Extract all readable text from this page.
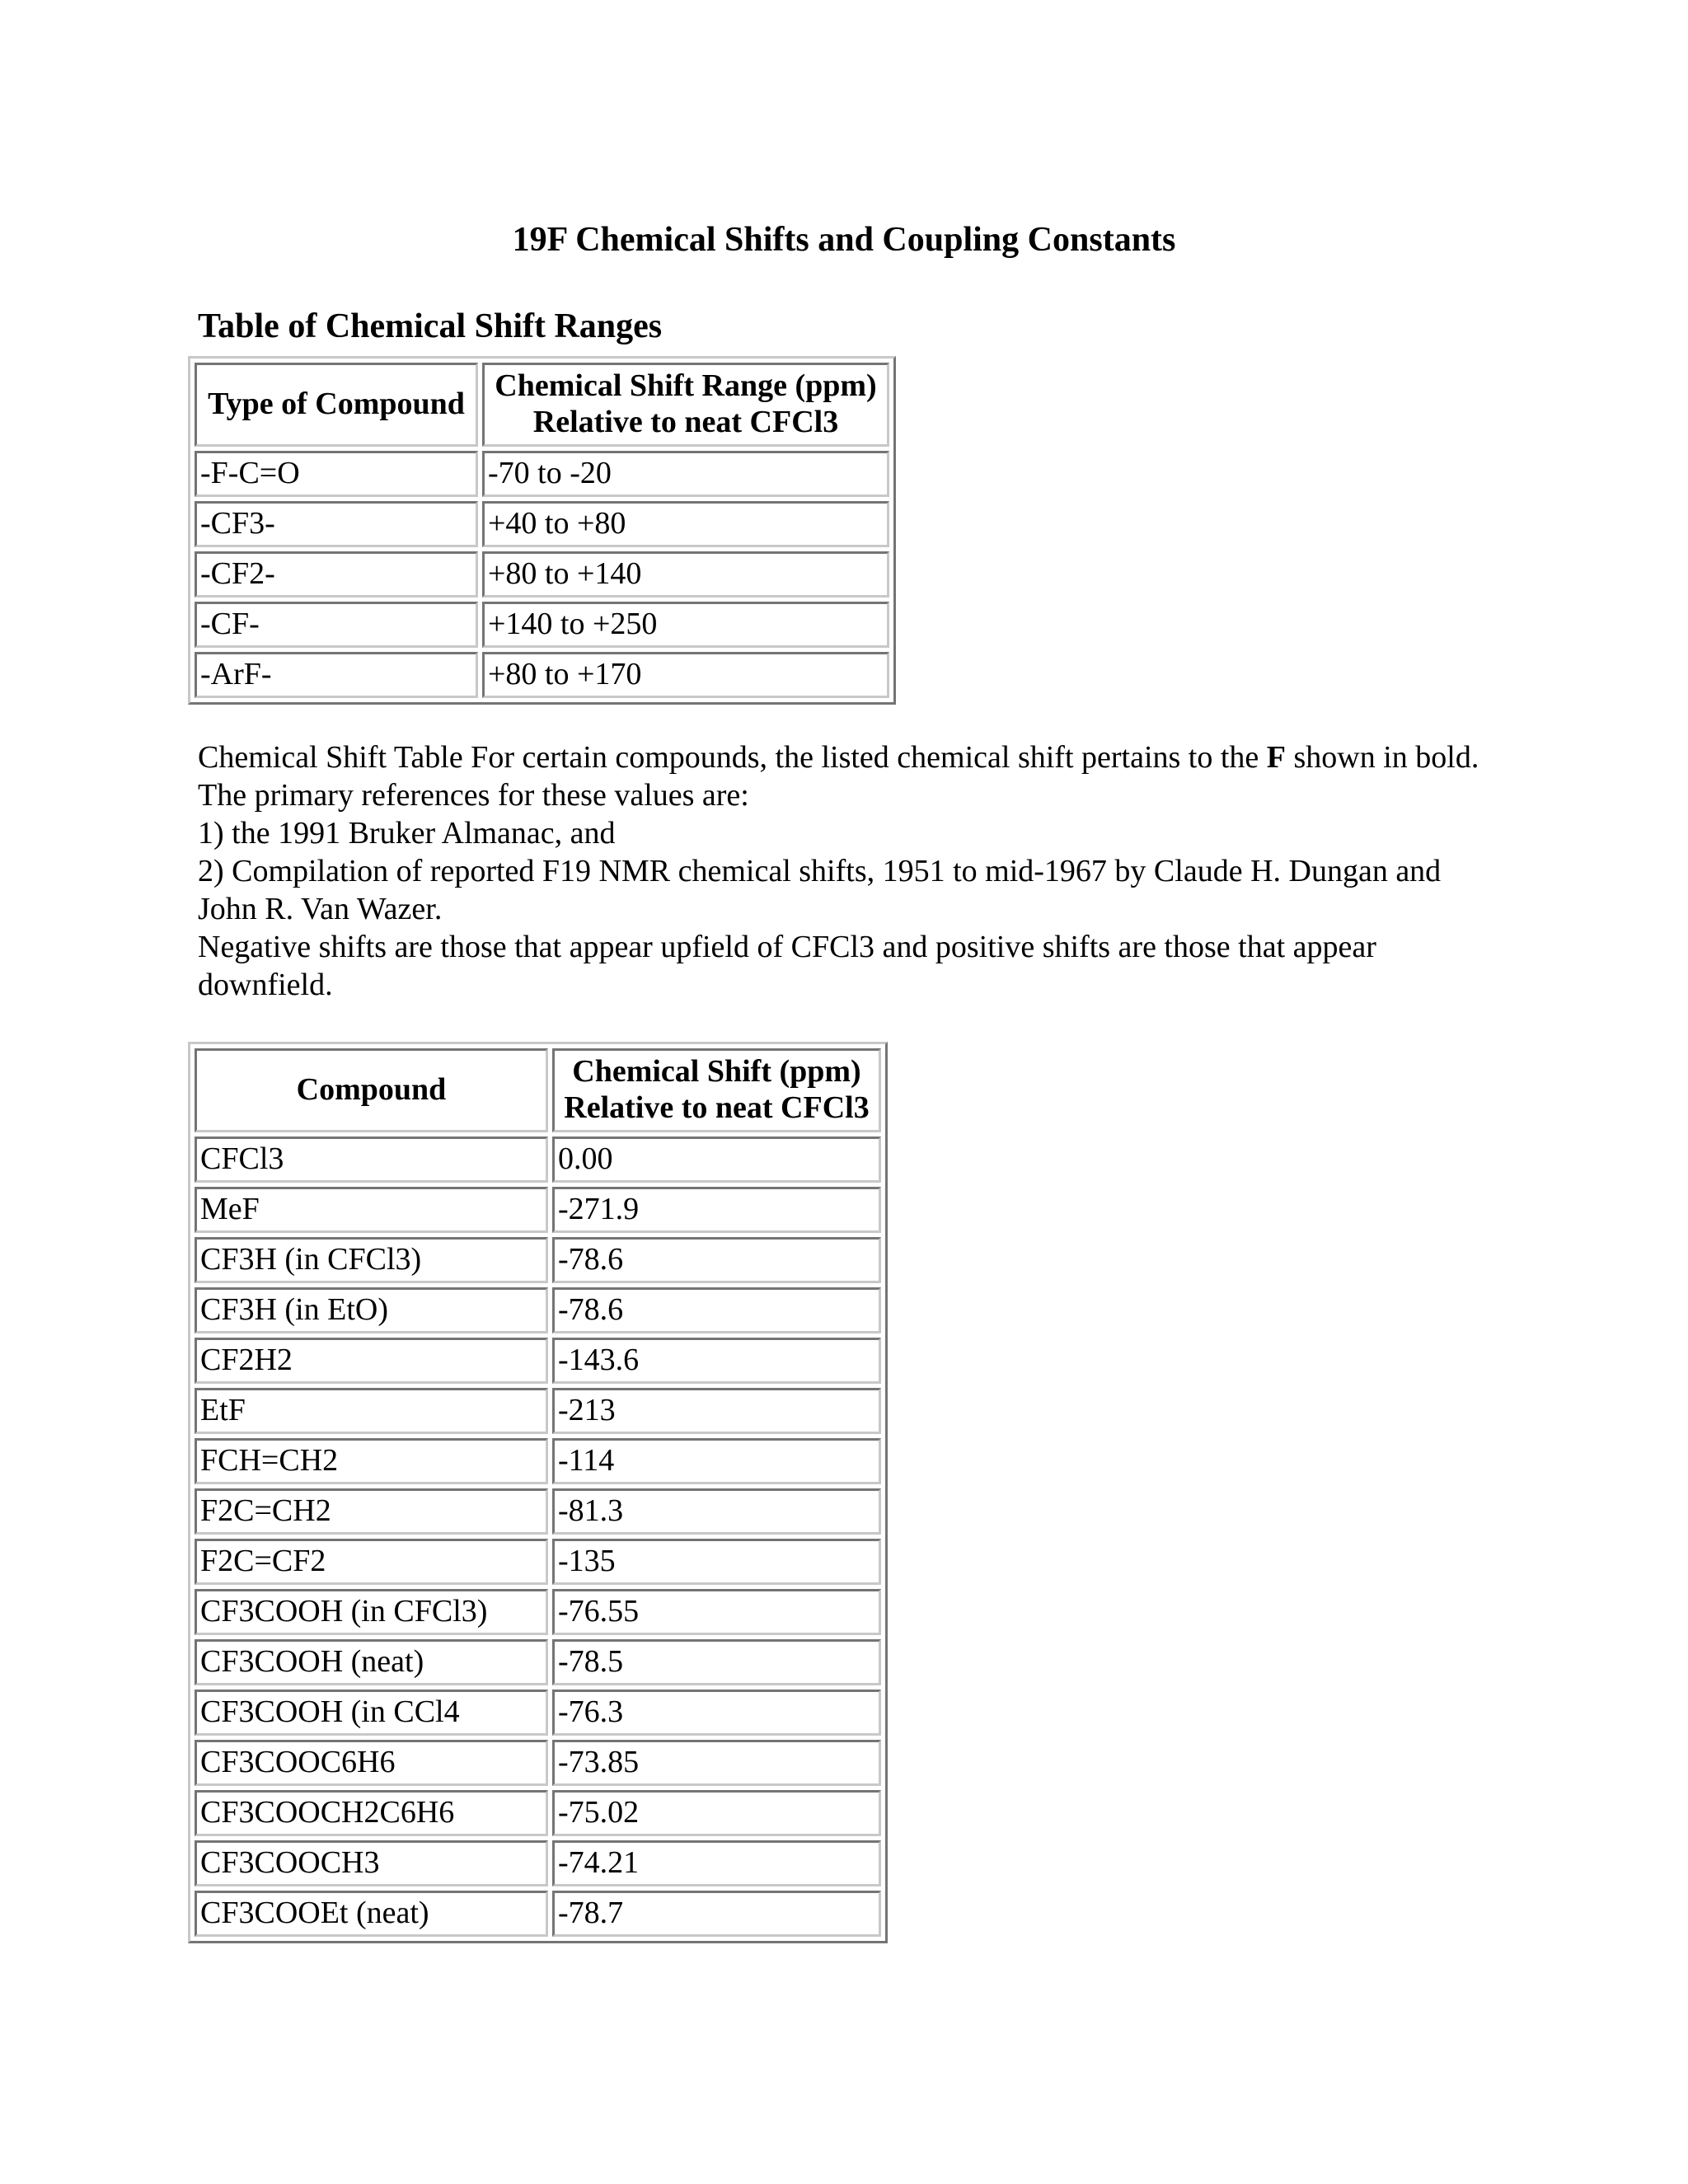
19F Chemical Shifts and Coupling Constants
Table of Chemical Shift Ranges
Type of Compound	Chemical Shift Range (ppm)
Relative to neat CFCl3
-F-C=O	-70 to -20
-CF3-	+40 to +80
-CF2-	+80 to +140
-CF-	+140 to +250
-ArF-	+80 to +170

Chemical Shift Table For certain compounds, the listed chemical shift pertains to the F shown in bold. The primary references for these values are:

1) the 1991 Bruker Almanac, and

2) Compilation of reported F19 NMR chemical shifts, 1951 to mid-1967 by Claude H. Dungan and John R. Van Wazer.

Negative shifts are those that appear upfield of CFCl3 and positive shifts are those that appear downfield.

Compound	Chemical Shift (ppm)
Relative to neat CFCl3
CFCl3	0.00
MeF	-271.9
CF3H (in CFCl3)	-78.6
CF3H (in EtO)	-78.6
CF2H2	-143.6
EtF	-213
FCH=CH2	-114
F2C=CH2	-81.3
F2C=CF2	-135
CF3COOH (in CFCl3)	-76.55
CF3COOH (neat)	-78.5
CF3COOH (in CCl4	-76.3
CF3COOC6H6	-73.85
CF3COOCH2C6H6	-75.02
CF3COOCH3	-74.21
CF3COOEt (neat)	-78.7
